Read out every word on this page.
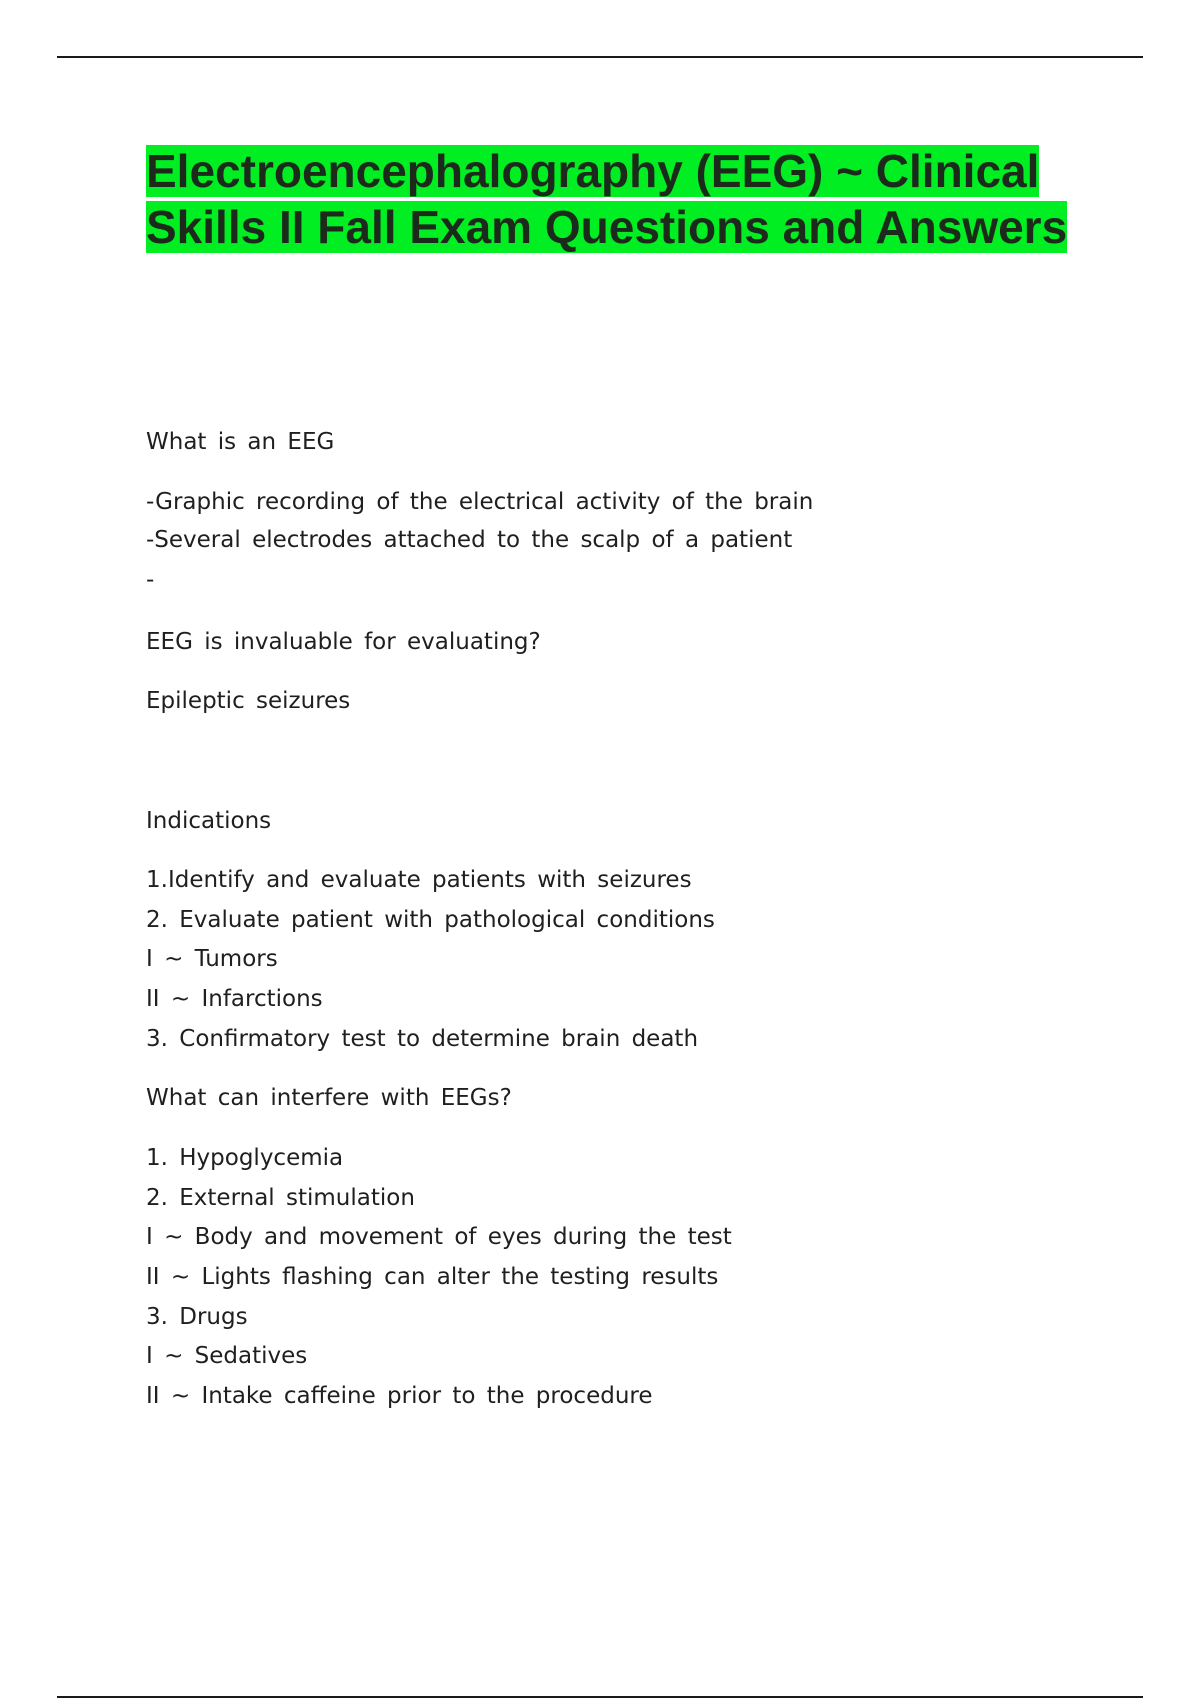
Electroencephalography (EEG) ~ Clinical Skills II Fall Exam Questions and Answers

What is an EEG

-Graphic recording of the electrical activity of the brain

-Several electrodes attached to the scalp of a patient

-

EEG is invaluable for evaluating?

Epileptic seizures

Indications

1.Identify and evaluate patients with seizures

2. Evaluate patient with pathological conditions

I ~ Tumors

II ~ Infarctions

3. Confirmatory test to determine brain death

What can interfere with EEGs?

1. Hypoglycemia

2. External stimulation

I ~ Body and movement of eyes during the test

II ~ Lights flashing can alter the testing results

3. Drugs

I ~ Sedatives

II ~ Intake caffeine prior to the procedure
